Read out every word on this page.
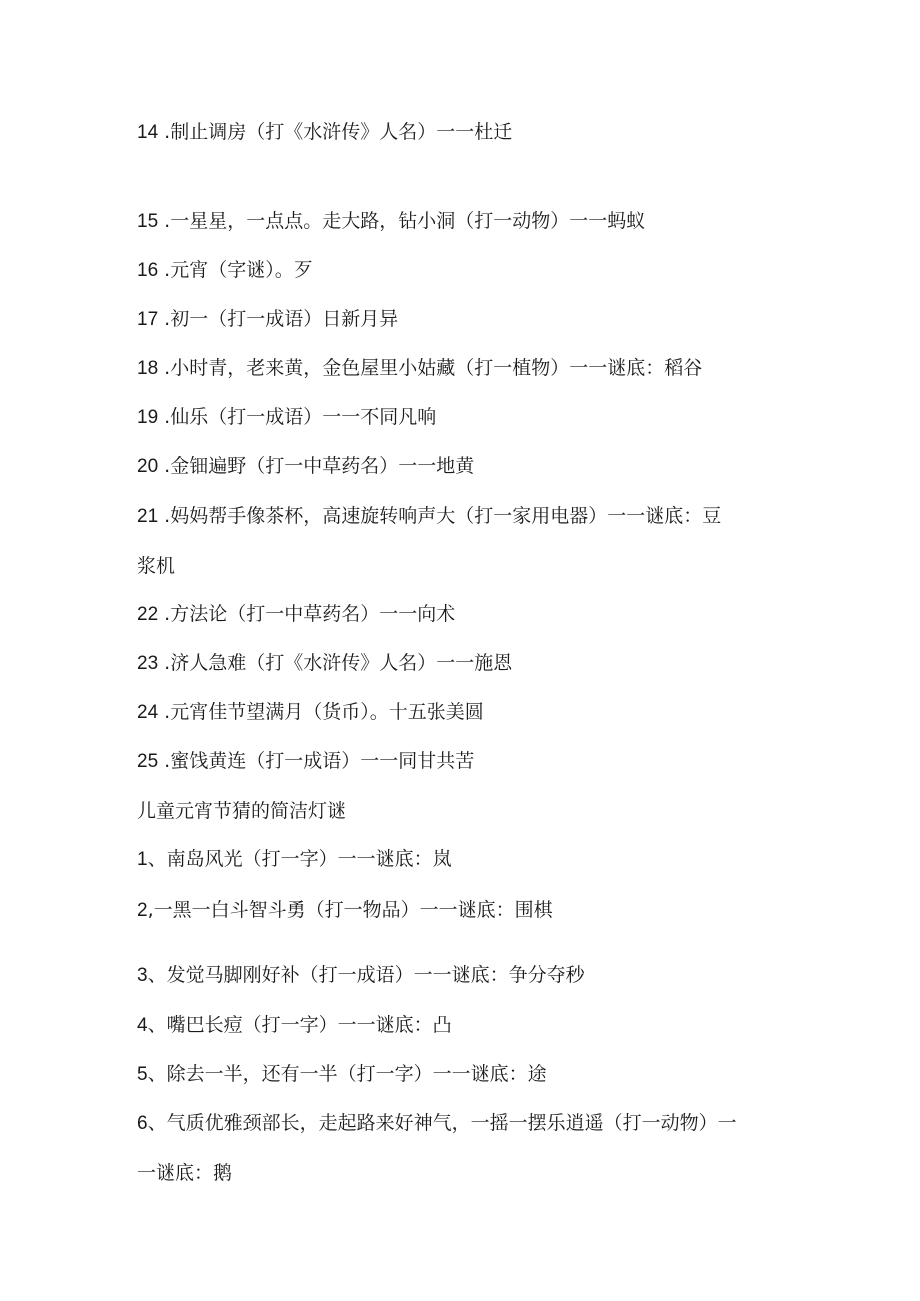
14 .制止调房（打《水浒传》人名）一一杜迁
15 .一星星，一点点。走大路，钻小洞（打一动物）一一蚂蚁
16 .元宵（字谜）。歹
17 .初一（打一成语）日新月异
18 .小时青，老来黄，金色屋里小姑藏（打一植物）一一谜底：稻谷
19 .仙乐（打一成语）一一不同凡响
20 .金钿遍野（打一中草药名）一一地黄
21 .妈妈帮手像茶杯，高速旋转响声大（打一家用电器）一一谜底：豆
浆机
22 .方法论（打一中草药名）一一向术
23 .济人急难（打《水浒传》人名）一一施恩
24 .元宵佳节望满月（货币）。十五张美圆
25 .蜜饯黄连（打一成语）一一同甘共苦
儿童元宵节猜的简洁灯谜
1、南岛风光（打一字）一一谜底：岚
2,一黑一白斗智斗勇（打一物品）一一谜底：围棋
3、发觉马脚刚好补（打一成语）一一谜底：争分夺秒
4、嘴巴长痘（打一字）一一谜底：凸
5、除去一半，还有一半（打一字）一一谜底：途
6、气质优雅颈部长，走起路来好神气，一摇一摆乐逍遥（打一动物）一
一谜底：鹅
